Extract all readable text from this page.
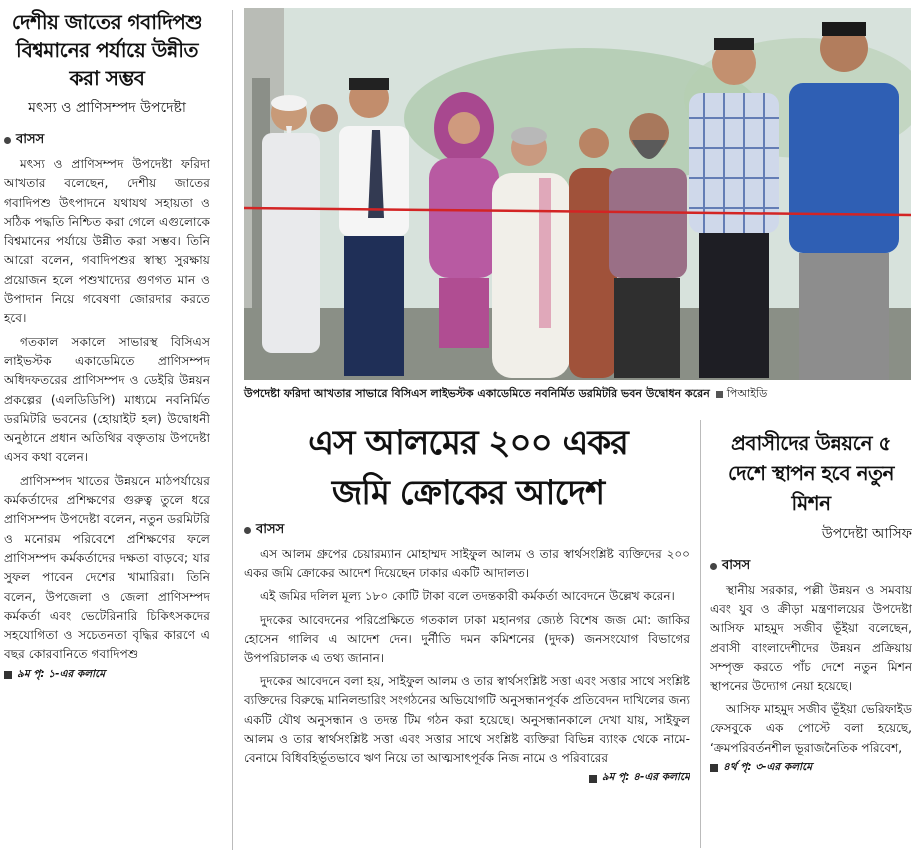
দেশীয় জাতের গবাদিপশু বিশ্বমানের পর্যায়ে উন্নীত করা সম্ভব
মৎস্য ও প্রাণিসম্পদ উপদেষ্টা
বাসস

মৎস্য ও প্রাণিসম্পদ উপদেষ্টা ফরিদা আখতার বলেছেন, দেশীয় জাতের গবাদিপশু উৎপাদনে যথাযথ সহায়তা ও সঠিক পদ্ধতি নিশ্চিত করা গেলে এগুলোকে বিশ্বমানের পর্যায়ে উন্নীত করা সম্ভব। তিনি আরো বলেন, গবাদিপশুর স্বাস্থ্য সুরক্ষায় প্রয়োজন হলে পশুখাদ্যের গুণগত মান ও উপাদান নিয়ে গবেষণা জোরদার করতে হবে।

গতকাল সকালে সাভারস্থ বিসিএস লাইভস্টক একাডেমিতে প্রাণিসম্পদ অধিদফতরের প্রাণিসম্পদ ও ডেইরি উন্নয়ন প্রকল্পের (এলডিডিপি) মাধ্যমে নবনির্মিত ডরমিটরি ভবনের (হোয়াইট হল) উদ্বোধনী অনুষ্ঠানে প্রধান অতিথির বক্তৃতায় উপদেষ্টা এসব কথা বলেন।

প্রাণিসম্পদ খাতের উন্নয়নে মাঠপর্যায়ের কর্মকর্তাদের প্রশিক্ষণের গুরুত্ব তুলে ধরে প্রাণিসম্পদ উপদেষ্টা বলেন, নতুন ডরমিটরি ও মনোরম পরিবেশে প্রশিক্ষণের ফলে প্রাণিসম্পদ কর্মকর্তাদের দক্ষতা বাড়বে; যার সুফল পাবেন দেশের খামারিরা। তিনি বলেন, উপজেলা ও জেলা প্রাণিসম্পদ কর্মকর্তা এবং ভেটেরিনারি চিকিৎসকদের সহযোগিতা ও সচেতনতা বৃদ্ধির কারণে এ বছর কোরবানিতে গবাদিপশু

৯ম পৃ: ১-এর কলামে
উপদেষ্টা ফরিদা আখতার সাভারে বিসিএস লাইভস্টক একাডেমিতে নবনির্মিত ডরমিটরি ভবন উদ্বোধন করেন পিআইডি
এস আলমের ২০০ একর
জমি ক্রোকের আদেশ
বাসস

এস আলম গ্রুপের চেয়ারম্যান মোহাম্মদ সাইফুল আলম ও তার স্বার্থসংশ্লিষ্ট ব্যক্তিদের ২০০ একর জমি ক্রোকের আদেশ দিয়েছেন ঢাকার একটি আদালত।

এই জমির দলিল মূল্য ১৮০ কোটি টাকা বলে তদন্তকারী কর্মকর্তা আবেদনে উল্লেখ করেন।

দুদকের আবেদনের পরিপ্রেক্ষিতে গতকাল ঢাকা মহানগর জ্যেষ্ঠ বিশেষ জজ মো: জাকির হোসেন গালিব এ আদেশ দেন। দুর্নীতি দমন কমিশনের (দুদক) জনসংযোগ বিভাগের উপপরিচালক এ তথ্য জানান।

দুদকের আবেদনে বলা হয়, সাইফুল আলম ও তার স্বার্থসংশ্লিষ্ট সত্তা এবং সত্তার সাথে সংশ্লিষ্ট ব্যক্তিদের বিরুদ্ধে মানিলন্ডারিং সংগঠনের অভিযোগটি অনুসন্ধানপূর্বক প্রতিবেদন দাখিলের জন্য একটি যৌথ অনুসন্ধান ও তদন্ত টিম গঠন করা হয়েছে। অনুসন্ধানকালে দেখা যায়, সাইফুল আলম ও তার স্বার্থসংশ্লিষ্ট সত্তা এবং সত্তার সাথে সংশ্লিষ্ট ব্যক্তিরা বিভিন্ন ব্যাংক থেকে নামে-বেনামে বিধিবহির্ভূতভাবে ঋণ নিয়ে তা আত্মসাৎপূর্বক নিজ নামে ও পরিবারের

৯ম পৃ: ৪-এর কলামে
প্রবাসীদের উন্নয়নে ৫ দেশে স্থাপন হবে নতুন মিশন
উপদেষ্টা আসিফ
বাসস

স্থানীয় সরকার, পল্লী উন্নয়ন ও সমবায় এবং যুব ও ক্রীড়া মন্ত্রণালয়ের উপদেষ্টা আসিফ মাহমুদ সজীব ভূঁইয়া বলেছেন, প্রবাসী বাংলাদেশীদের উন্নয়ন প্রক্রিয়ায় সম্পৃক্ত করতে পাঁচ দেশে নতুন মিশন স্থাপনের উদ্যোগ নেয়া হয়েছে।

আসিফ মাহমুদ সজীব ভূঁইয়া ভেরিফাইড ফেসবুকে এক পোস্টে বলা হয়েছে, ‘ক্রমপরিবর্তনশীল ভূরাজনৈতিক পরিবেশ,

৪র্থ পৃ: ৩-এর কলামে
